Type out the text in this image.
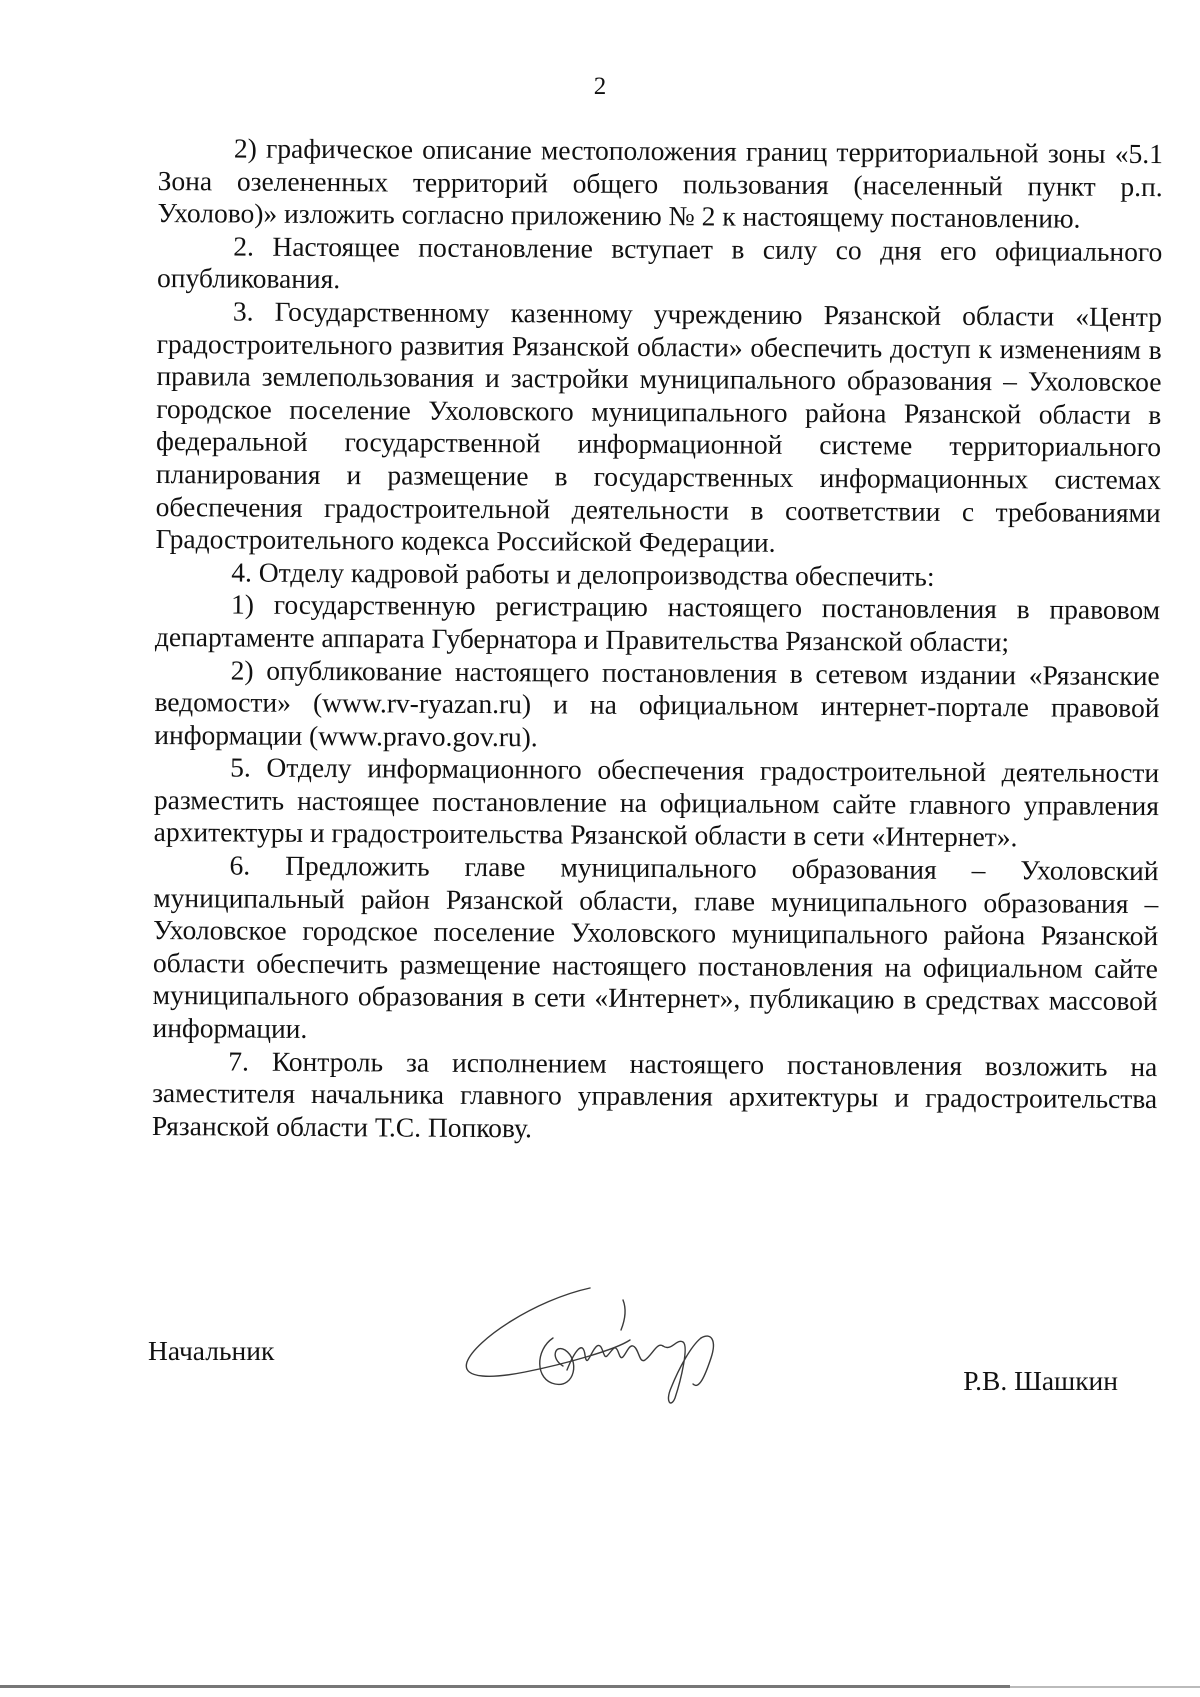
2

2) графическое описание местоположения границ территориальной зоны «5.1 Зона озелененных территорий общего пользования (населенный пункт р.п. Ухолово)» изложить согласно приложению № 2 к настоящему постановлению.

2. Настоящее постановление вступает в силу со дня его официального опубликования.

3. Государственному казенному учреждению Рязанской области «Центр градостроительного развития Рязанской области» обеспечить доступ к изменениям в правила землепользования и застройки муниципального образования – Ухоловское городское поселение Ухоловского муниципального района Рязанской области в федеральной государственной информационной системе территориального планирования и размещение в государственных информационных системах обеспечения градостроительной деятельности в соответствии с требованиями Градостроительного кодекса Российской Федерации.

4. Отделу кадровой работы и делопроизводства обеспечить:

1) государственную регистрацию настоящего постановления в правовом департаменте аппарата Губернатора и Правительства Рязанской области;

2) опубликование настоящего постановления в сетевом издании «Рязанские ведомости» (www.rv-ryazan.ru) и на официальном интернет-портале правовой информации (www.pravo.gov.ru).

5. Отделу информационного обеспечения градостроительной деятельности разместить настоящее постановление на официальном сайте главного управления архитектуры и градостроительства Рязанской области в сети «Интернет».

6. Предложить главе муниципального образования – Ухоловский муниципальный район Рязанской области, главе муниципального образования – Ухоловское городское поселение Ухоловского муниципального района Рязанской области обеспечить размещение настоящего постановления на официальном сайте муниципального образования в сети «Интернет», публикацию в средствах массовой информации.

7. Контроль за исполнением настоящего постановления возложить на заместителя начальника главного управления архитектуры и градостроительства Рязанской области Т.С. Попкову.

Начальник
Р.В. Шашкин
